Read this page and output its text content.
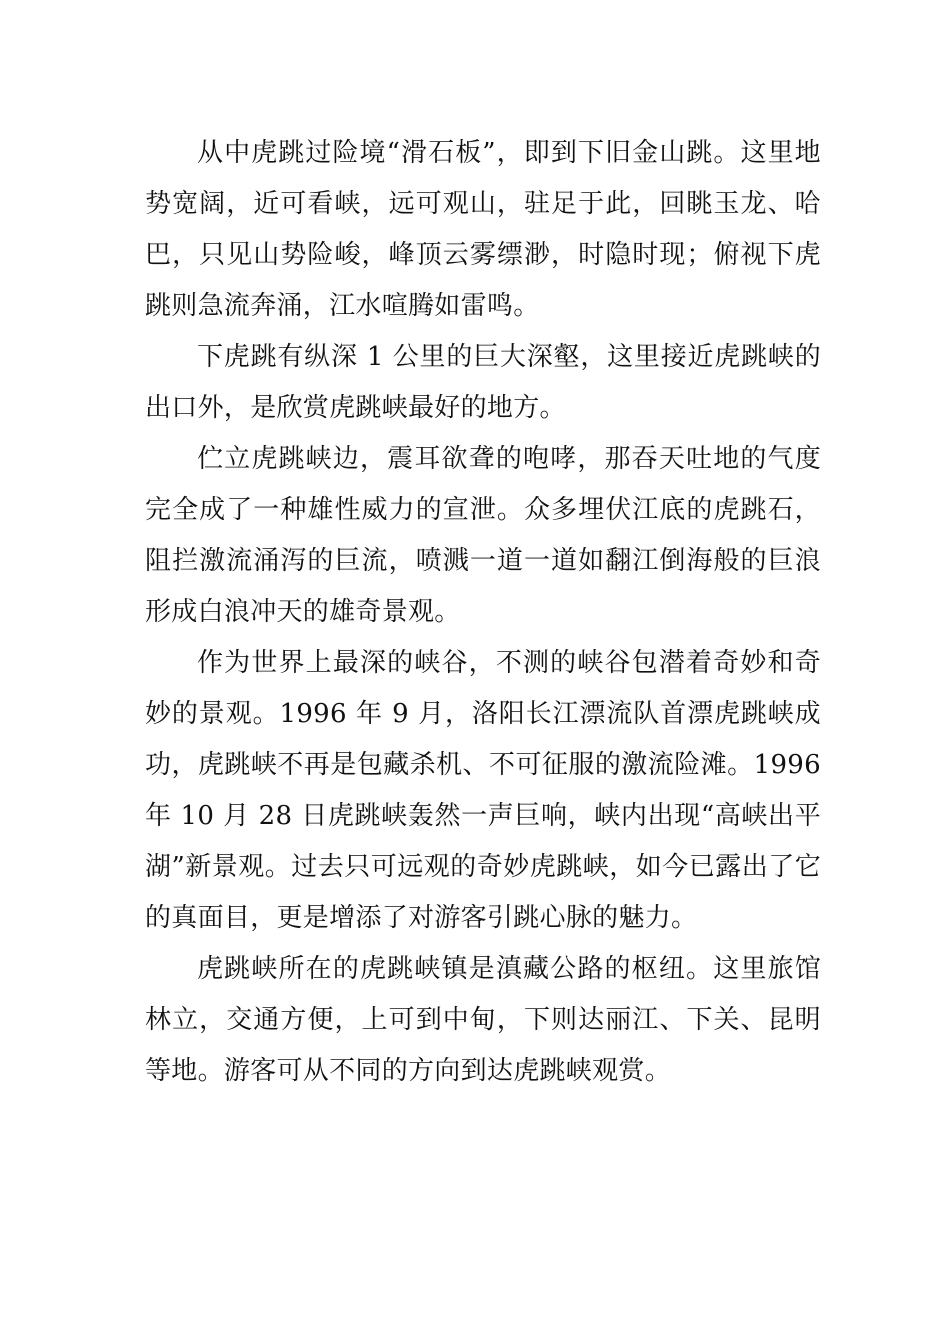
从中虎跳过险境“滑石板”，即到下旧金山跳。这里地势宽阔，近可看峡，远可观山，驻足于此，回眺玉龙、哈巴，只见山势险峻，峰顶云雾缥渺，时隐时现；俯视下虎跳则急流奔涌，江水喧腾如雷鸣。

下虎跳有纵深 1 公里的巨大深壑，这里接近虎跳峡的出口外，是欣赏虎跳峡最好的地方。

伫立虎跳峡边，震耳欲聋的咆哮，那吞天吐地的气度完全成了一种雄性威力的宣泄。众多埋伏江底的虎跳石，阻拦激流涌泻的巨流，喷溅一道一道如翻江倒海般的巨浪形成白浪冲天的雄奇景观。

作为世界上最深的峡谷，不测的峡谷包潜着奇妙和奇妙的景观。1996 年 9 月，洛阳长江漂流队首漂虎跳峡成功，虎跳峡不再是包藏杀机、不可征服的激流险滩。1996 年 10 月 28 日虎跳峡轰然一声巨响，峡内出现“高峡出平湖”新景观。过去只可远观的奇妙虎跳峡，如今已露出了它的真面目，更是增添了对游客引跳心脉的魅力。

虎跳峡所在的虎跳峡镇是滇藏公路的枢纽。这里旅馆林立，交通方便，上可到中甸，下则达丽江、下关、昆明等地。游客可从不同的方向到达虎跳峡观赏。
